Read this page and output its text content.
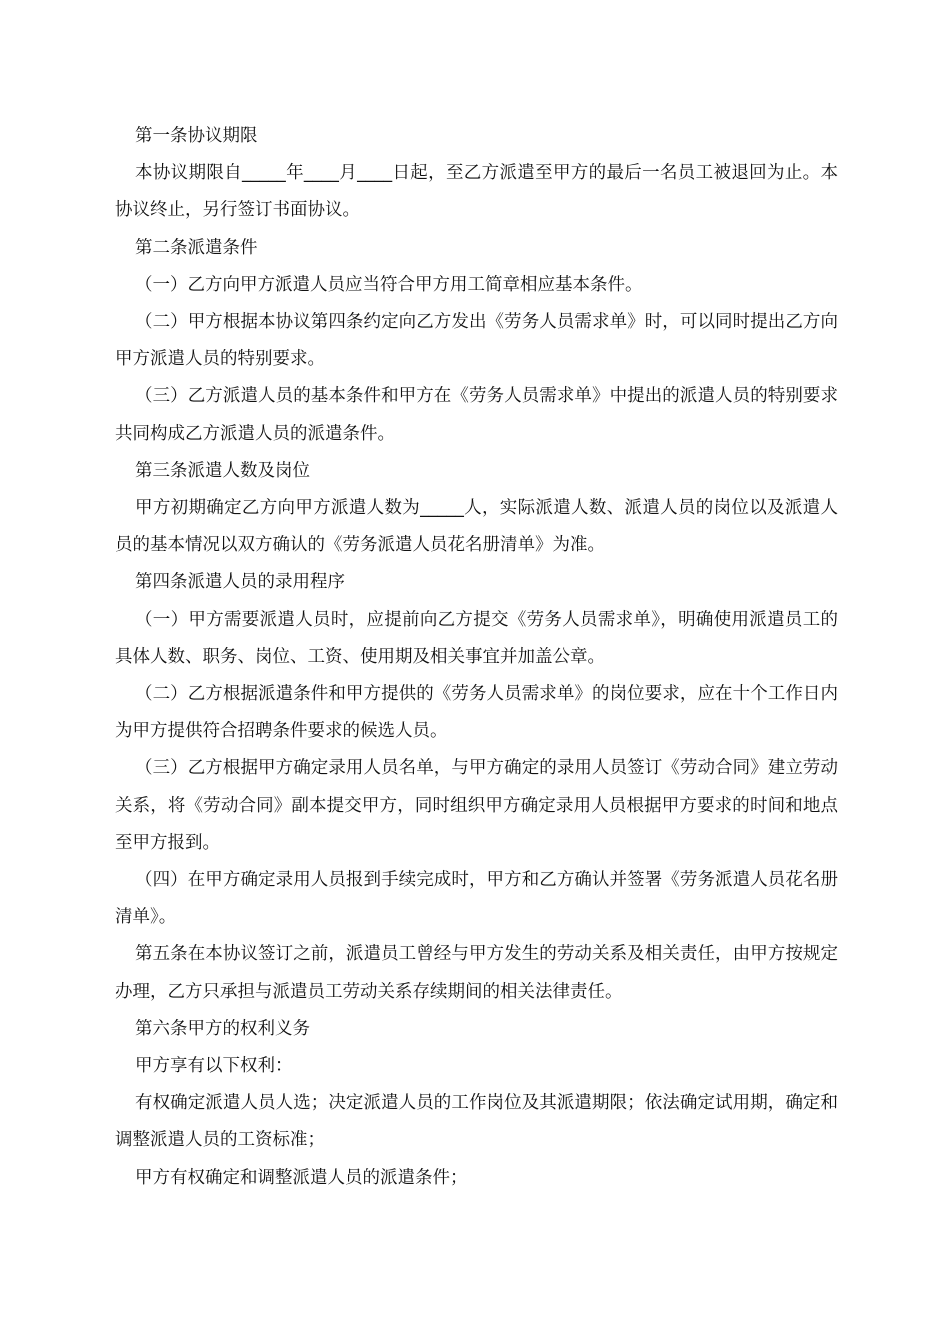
第一条协议期限

本协议期限自_____年____月____日起，至乙方派遣至甲方的最后一名员工被退回为止。本协议终止，另行签订书面协议。

第二条派遣条件

（一）乙方向甲方派遣人员应当符合甲方用工简章相应基本条件。

（二）甲方根据本协议第四条约定向乙方发出《劳务人员需求单》时，可以同时提出乙方向甲方派遣人员的特别要求。

（三）乙方派遣人员的基本条件和甲方在《劳务人员需求单》中提出的派遣人员的特别要求共同构成乙方派遣人员的派遣条件。

第三条派遣人数及岗位

甲方初期确定乙方向甲方派遣人数为_____人，实际派遣人数、派遣人员的岗位以及派遣人员的基本情况以双方确认的《劳务派遣人员花名册清单》为准。

第四条派遣人员的录用程序

（一）甲方需要派遣人员时，应提前向乙方提交《劳务人员需求单》，明确使用派遣员工的具体人数、职务、岗位、工资、使用期及相关事宜并加盖公章。

（二）乙方根据派遣条件和甲方提供的《劳务人员需求单》的岗位要求，应在十个工作日内为甲方提供符合招聘条件要求的候选人员。

（三）乙方根据甲方确定录用人员名单，与甲方确定的录用人员签订《劳动合同》建立劳动关系，将《劳动合同》副本提交甲方，同时组织甲方确定录用人员根据甲方要求的时间和地点至甲方报到。

（四）在甲方确定录用人员报到手续完成时，甲方和乙方确认并签署《劳务派遣人员花名册清单》。

第五条在本协议签订之前，派遣员工曾经与甲方发生的劳动关系及相关责任，由甲方按规定办理，乙方只承担与派遣员工劳动关系存续期间的相关法律责任。

第六条甲方的权利义务

甲方享有以下权利：

有权确定派遣人员人选；决定派遣人员的工作岗位及其派遣期限；依法确定试用期，确定和调整派遣人员的工资标准；

甲方有权确定和调整派遣人员的派遣条件；
